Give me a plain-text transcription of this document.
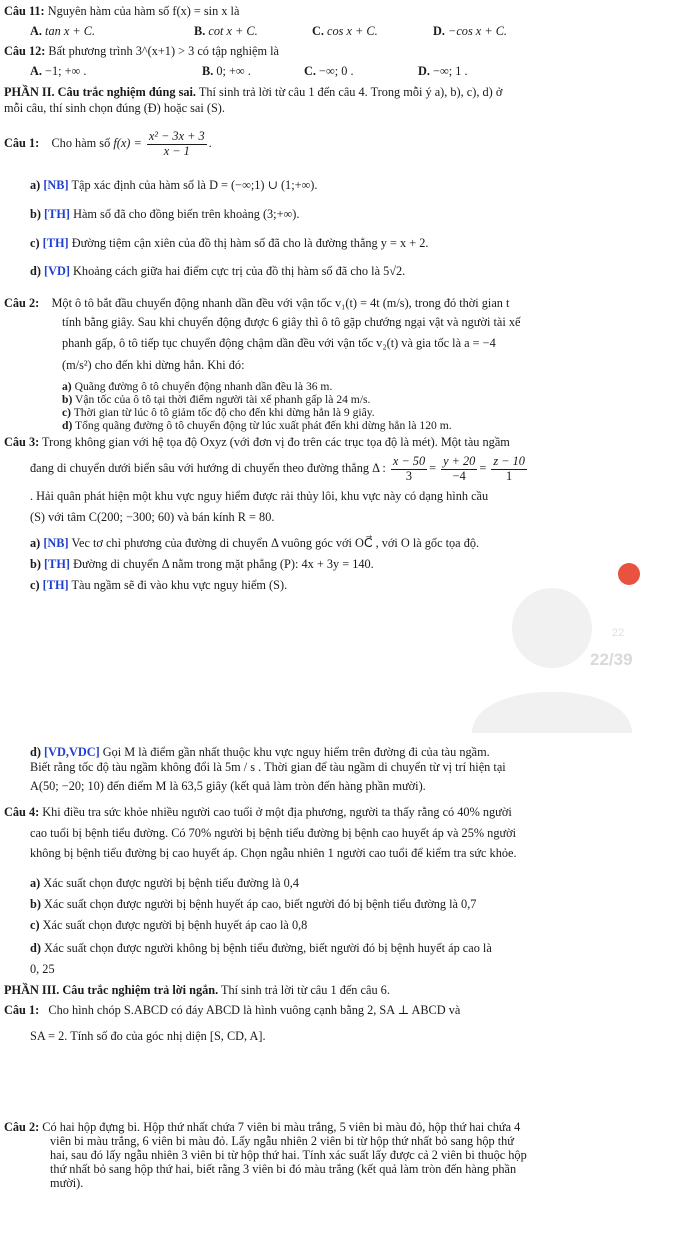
Câu 11: Nguyên hàm của hàm số f(x) = sin x là
A. tan x + C.	B. cot x + C.	C. cos x + C.	D. −cos x + C.
Câu 12: Bất phương trình 3^(x+1) > 3 có tập nghiệm là
A. −1; +∞ .	B. 0; +∞ .	C. −∞; 0 .	D. −∞; 1 .
PHẦN II. Câu trắc nghiệm đúng sai. Thí sinh trả lời từ câu 1 đến câu 4. Trong mỗi ý a), b), c), d) ở
mỗi câu, thí sinh chọn đúng (Đ) hoặc sai (S).
Câu 1: Cho hàm số $f(x) = \frac{\text{x² − 3x + 3}}{x - 1}$ .
a) [NB] Tập xác định của hàm số là D = (−∞;1) ∪ (1;+∞).
b) [TH] Hàm số đã cho đồng biến trên khoảng (3;+∞).
c) [TH] Đường tiệm cận xiên của đồ thị hàm số đã cho là đường thẳng y = x + 2.
d) [VD] Khoảng cách giữa hai điểm cực trị của đồ thị hàm số đã cho là 5√2.
Câu 2: Một ô tô bắt đầu chuyển động nhanh dần đều với vận tốc v₁(t) = 4t (m/s), trong đó thời gian t
tính bằng giây. Sau khi chuyển động được 6 giây thì ô tô gặp chướng ngại vật và người tài xế
phanh gấp, ô tô tiếp tục chuyển động chậm dần đều với vận tốc v₂(t) và gia tốc là a = −4
(m/s²) cho đến khi dừng hẳn. Khi đó:
a) Quãng đường ô tô chuyển động nhanh dần đều là 36 m.
b) Vận tốc của ô tô tại thời điểm người tài xế phanh gấp là 24 m/s.
c) Thời gian từ lúc ô tô giảm tốc độ cho đến khi dừng hẳn là 9 giây.
d) Tổng quãng đường ô tô chuyển động từ lúc xuất phát đến khi dừng hẳn là 120 m.
Câu 3: Trong không gian với hệ tọa độ Oxyz (với đơn vị đo trên các trục tọa độ là mét). Một tàu ngầm
đang di chuyển dưới biển sâu với hướng di chuyển theo đường thẳng Δ : $\frac{x - 50}{3} = \frac{y + 20}{-4} = \frac{z - 10}{1}$
. Hải quân phát hiện một khu vực nguy hiểm được rải thủy lôi, khu vực này có dạng hình cầu
(S) với tâm C(200; −300; 60) và bán kính R = 80.
a) [NB] Vec tơ chỉ phương của đường di chuyển Δ vuông góc với OC⃗ , với O là gốc tọa độ.
b) [TH] Đường di chuyển Δ nằm trong mặt phẳng (P): 4x + 3y = 140.
c) [TH] Tàu ngầm sẽ đi vào khu vực nguy hiểm (S).
22
22/39
d) [VD,VDC] Gọi M là điểm gần nhất thuộc khu vực nguy hiểm trên đường đi của tàu ngầm.
Biết rằng tốc độ tàu ngầm không đổi là 5m / s . Thời gian để tàu ngầm di chuyển từ vị trí hiện tại
A(50; −20; 10) đến điểm M là 63,5 giây (kết quả làm tròn đến hàng phần mười).
Câu 4: Khi điều tra sức khỏe nhiều người cao tuổi ở một địa phương, người ta thấy rằng có 40% người
cao tuổi bị bệnh tiểu đường. Có 70% người bị bệnh tiểu đường bị bệnh cao huyết áp và 25% người
không bị bệnh tiểu đường bị cao huyết áp. Chọn ngẫu nhiên 1 người cao tuổi để kiểm tra sức khỏe.
a) Xác suất chọn được người bị bệnh tiểu đường là 0,4
b) Xác suất chọn được người bị bệnh huyết áp cao, biết người đó bị bệnh tiểu đường là 0,7
c) Xác suất chọn được người bị bệnh huyết áp cao là 0,8
d) Xác suất chọn được người không bị bệnh tiểu đường, biết người đó bị bệnh huyết áp cao là
0, 25
PHẦN III. Câu trắc nghiệm trả lời ngắn. Thí sinh trả lời từ câu 1 đến câu 6.
Câu 1: Cho hình chóp S.ABCD có đáy ABCD là hình vuông cạnh bằng 2, SA ⊥ ABCD và
SA = 2. Tính số đo của góc nhị diện [S, CD, A].
Câu 2: Có hai hộp đựng bi. Hộp thứ nhất chứa 7 viên bi màu trắng, 5 viên bi màu đỏ, hộp thứ hai chứa 4
viên bi màu trắng, 6 viên bi màu đỏ. Lấy ngẫu nhiên 2 viên bi từ hộp thứ nhất bỏ sang hộp thứ
hai, sau đó lấy ngẫu nhiên 3 viên bi từ hộp thứ hai. Tính xác suất lấy được cả 2 viên bi thuộc hộp
thứ nhất bỏ sang hộp thứ hai, biết rằng 3 viên bi đó màu trắng (kết quả làm tròn đến hàng phần
mười).
